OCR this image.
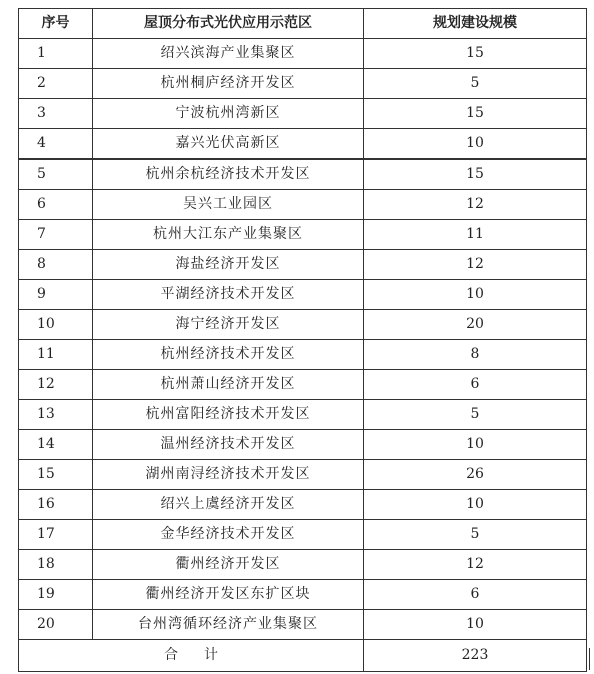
序号	屋顶分布式光伏应用示范区	规划建设规模
1	绍兴滨海产业集聚区	15
2	杭州桐庐经济开发区	5
3	宁波杭州湾新区	15
4	嘉兴光伏高新区	10
5	杭州余杭经济技术开发区	15
6	吴兴工业园区	12
7	杭州大江东产业集聚区	11
8	海盐经济开发区	12
9	平湖经济技术开发区	10
10	海宁经济开发区	20
11	杭州经济技术开发区	8
12	杭州萧山经济开发区	6
13	杭州富阳经济技术开发区	5
14	温州经济技术开发区	10
15	湖州南浔经济技术开发区	26
16	绍兴上虞经济开发区	10
17	金华经济技术开发区	5
18	衢州经济开发区	12
19	衢州经济开发区东扩区块	6
20	台州湾循环经济产业集聚区	10
合计		223
